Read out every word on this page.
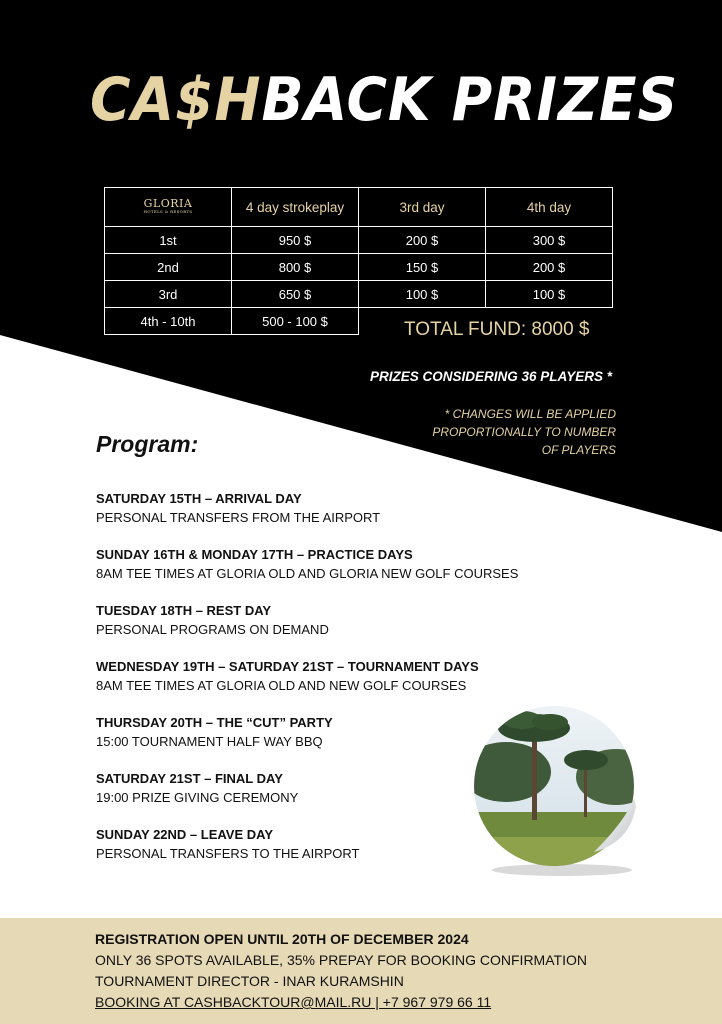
CA$HBACK PRIZES
GLORIA
HOTELS & RESORTS	4 day strokeplay	3rd day	4th day
1st	950 $	200 $	300 $
2nd	800 $	150 $	200 $
3rd	650 $	100 $	100 $
4th - 10th	500 - 100 $			TOTAL FUND: 8000 $
PRIZES CONSIDERING 36 PLAYERS *
* CHANGES WILL BE APPLIED PROPORTIONALLY TO NUMBER OF PLAYERS
Program:
SATURDAY 15TH – ARRIVAL DAY
PERSONAL TRANSFERS FROM THE AIRPORT
SUNDAY 16TH & MONDAY 17TH – PRACTICE DAYS
8AM TEE TIMES AT GLORIA OLD AND GLORIA NEW GOLF COURSES
TUESDAY 18TH – REST DAY
PERSONAL PROGRAMS ON DEMAND
WEDNESDAY 19TH – SATURDAY 21ST – TOURNAMENT DAYS
8AM TEE TIMES AT GLORIA OLD AND NEW GOLF COURSES
THURSDAY 20TH – THE “CUT” PARTY
15:00 TOURNAMENT HALF WAY BBQ
SATURDAY 21ST – FINAL DAY
19:00 PRIZE GIVING CEREMONY
SUNDAY 22ND – LEAVE DAY
PERSONAL TRANSFERS TO THE AIRPORT
REGISTRATION OPEN UNTIL 20TH OF DECEMBER 2024
ONLY 36 SPOTS AVAILABLE, 35% PREPAY FOR BOOKING CONFIRMATION
TOURNAMENT DIRECTOR - INAR KURAMSHIN
BOOKING AT CASHBACKTOUR@MAIL.RU | +7 967 979 66 11
